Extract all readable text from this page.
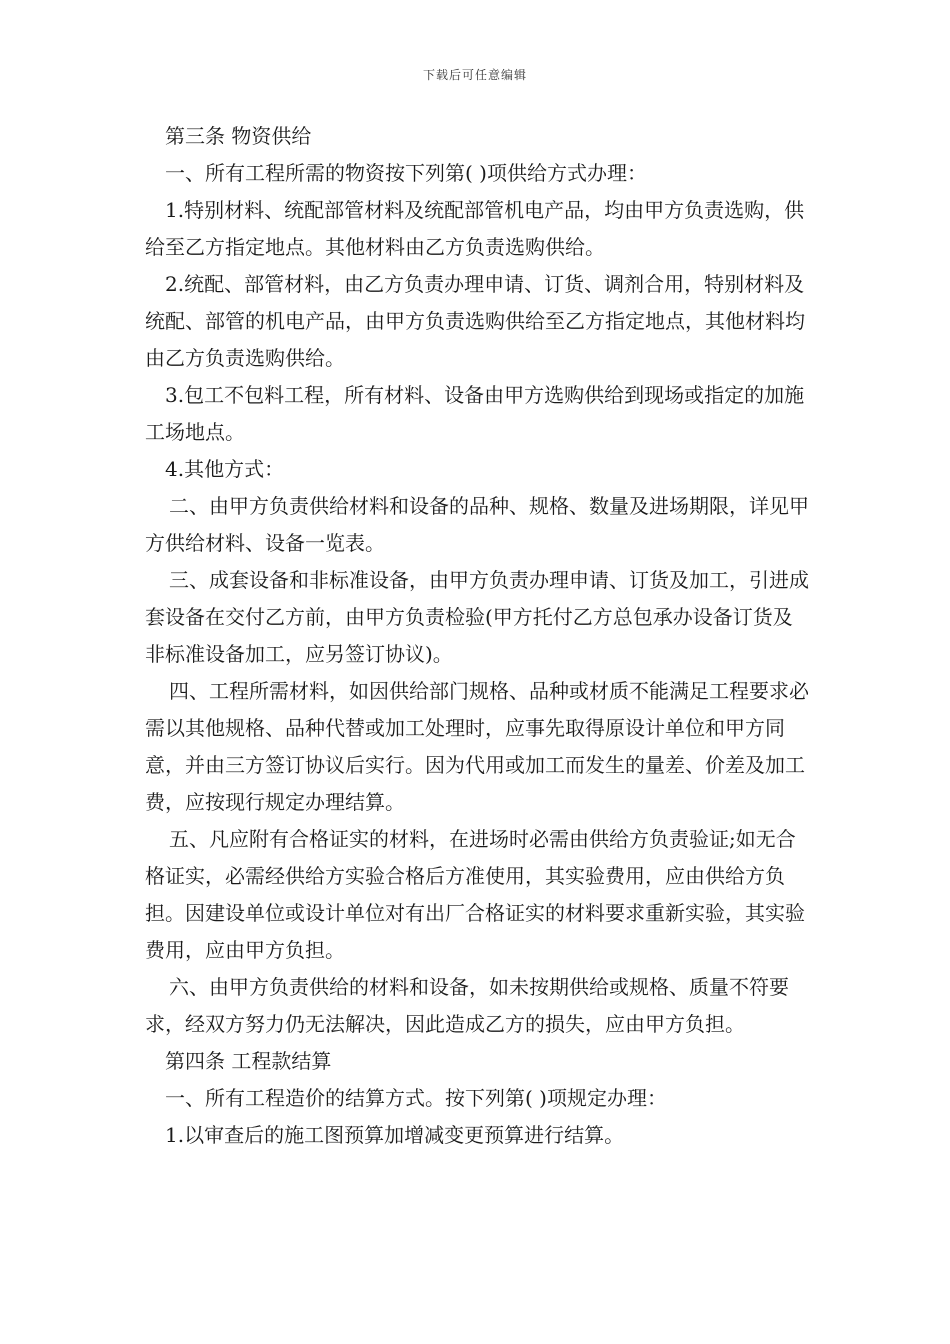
下载后可任意编辑

第三条 物资供给

一、所有工程所需的物资按下列第( )项供给方式办理：

1.特别材料、统配部管材料及统配部管机电产品，均由甲方负责选购，供给至乙方指定地点。其他材料由乙方负责选购供给。

2.统配、部管材料，由乙方负责办理申请、订货、调剂合用，特别材料及统配、部管的机电产品，由甲方负责选购供给至乙方指定地点，其他材料均由乙方负责选购供给。

3.包工不包料工程，所有材料、设备由甲方选购供给到现场或指定的加施工场地点。

4.其他方式：

二、由甲方负责供给材料和设备的品种、规格、数量及进场期限，详见甲方供给材料、设备一览表。

三、成套设备和非标准设备，由甲方负责办理申请、订货及加工，引进成套设备在交付乙方前，由甲方负责检验(甲方托付乙方总包承办设备订货及非标准设备加工，应另签订协议)。

四、工程所需材料，如因供给部门规格、品种或材质不能满足工程要求必需以其他规格、品种代替或加工处理时，应事先取得原设计单位和甲方同意，并由三方签订协议后实行。因为代用或加工而发生的量差、价差及加工费，应按现行规定办理结算。

五、凡应附有合格证实的材料，在进场时必需由供给方负责验证;如无合格证实，必需经供给方实验合格后方准使用，其实验费用，应由供给方负担。因建设单位或设计单位对有出厂合格证实的材料要求重新实验，其实验费用，应由甲方负担。

六、由甲方负责供给的材料和设备，如未按期供给或规格、质量不符要求，经双方努力仍无法解决，因此造成乙方的损失，应由甲方负担。

第四条 工程款结算

一、所有工程造价的结算方式。按下列第( )项规定办理：

1.以审查后的施工图预算加增减变更预算进行结算。
